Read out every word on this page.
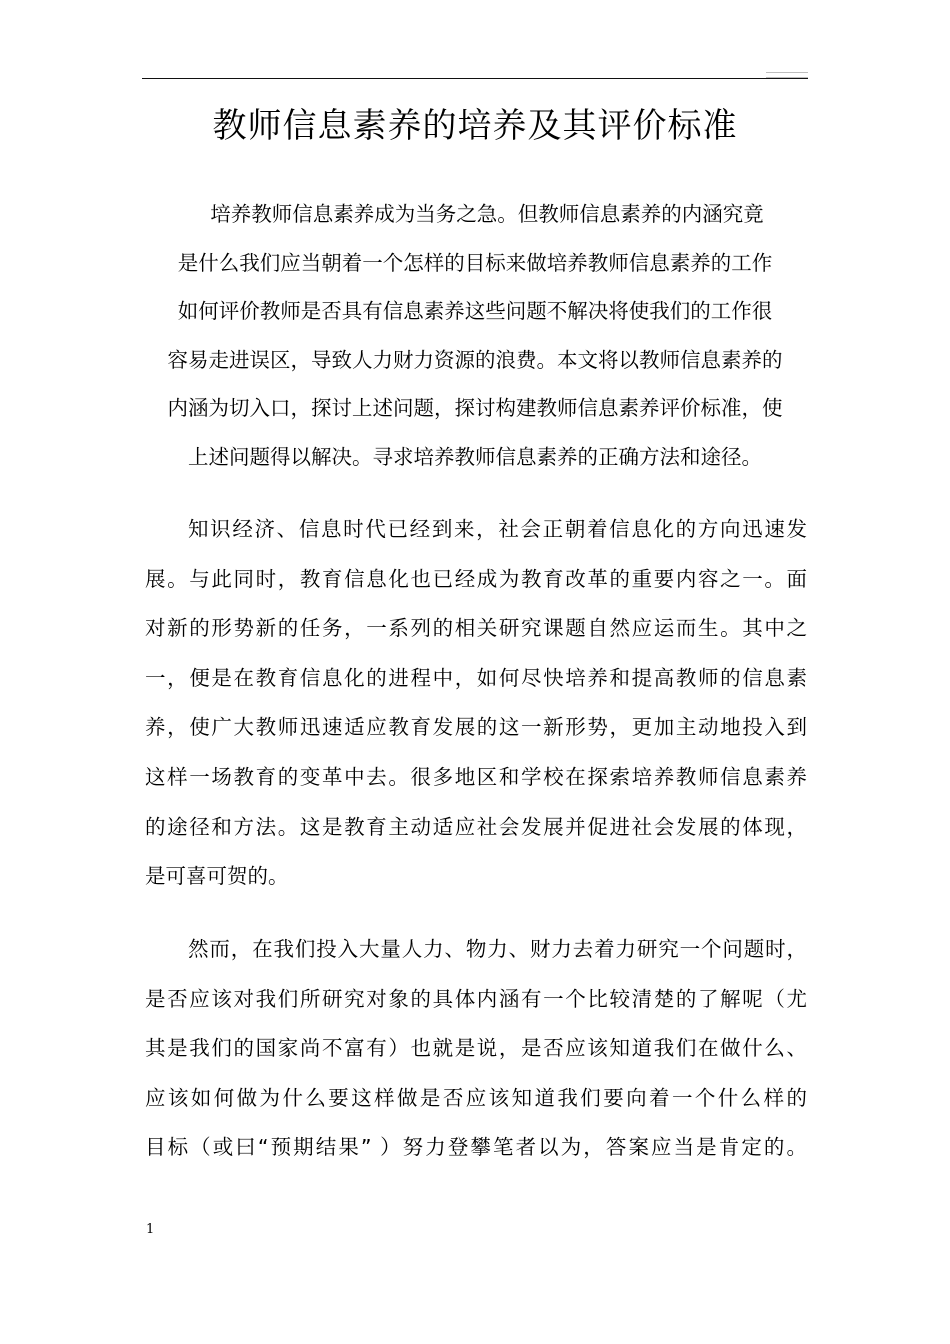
教师信息素养的培养及其评价标准
培养教师信息素养成为当务之急。但教师信息素养的内涵究竟
是什么我们应当朝着一个怎样的目标来做培养教师信息素养的工作
如何评价教师是否具有信息素养这些问题不解决将使我们的工作很
容易走进误区，导致人力财力资源的浪费。本文将以教师信息素养的
内涵为切入口，探讨上述问题，探讨构建教师信息素养评价标准，使
上述问题得以解决。寻求培养教师信息素养的正确方法和途径。
知识经济、信息时代已经到来，社会正朝着信息化的方向迅速发
展。与此同时，教育信息化也已经成为教育改革的重要内容之一。面
对新的形势新的任务，一系列的相关研究课题自然应运而生。其中之
一，便是在教育信息化的进程中，如何尽快培养和提高教师的信息素
养，使广大教师迅速适应教育发展的这一新形势，更加主动地投入到
这样一场教育的变革中去。很多地区和学校在探索培养教师信息素养
的途径和方法。这是教育主动适应社会发展并促进社会发展的体现，
是可喜可贺的。
然而，在我们投入大量人力、物力、财力去着力研究一个问题时，
是否应该对我们所研究对象的具体内涵有一个比较清楚的了解呢（尤
其是我们的国家尚不富有）也就是说，是否应该知道我们在做什么、
应该如何做为什么要这样做是否应该知道我们要向着一个什么样的
目标（或曰“预期结果” ）努力登攀笔者以为，答案应当是肯定的。
1
